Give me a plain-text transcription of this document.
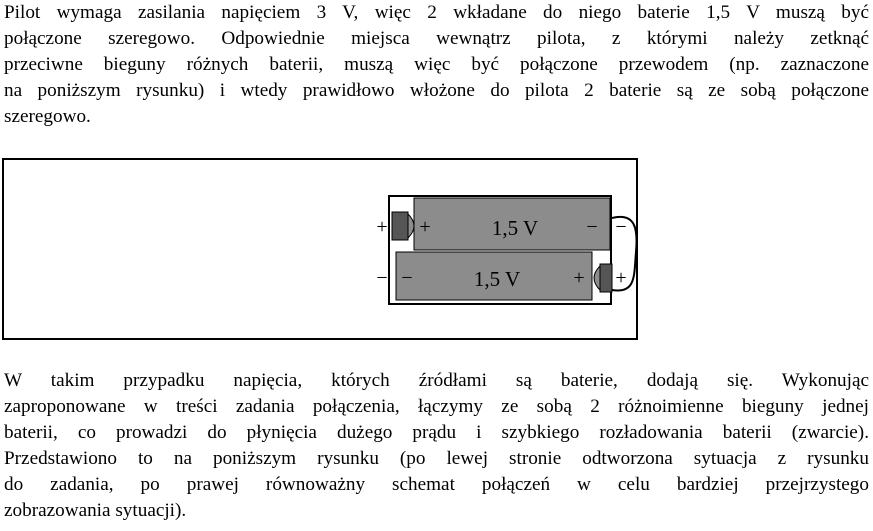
Pilot wymaga zasilania napięciem 3 V, więc 2 wkładane do niego baterie 1,5 V muszą być
połączone szeregowo. Odpowiednie miejsca wewnątrz pilota, z którymi należy zetknąć
przeciwne bieguny różnych baterii, muszą więc być połączone przewodem (np. zaznaczone
na poniższym rysunku) i wtedy prawidłowo włożone do pilota 2 baterie są ze sobą połączone
szeregowo.
+ +	1,5 V − −
− −	1,5 V	+ +
W takim przypadku napięcia, których źródłami są baterie, dodają się. Wykonując
zaproponowane w treści zadania połączenia, łączymy ze sobą 2 różnoimienne bieguny jednej
baterii, co prowadzi do płynięcia dużego prądu i szybkiego rozładowania baterii (zwarcie).
Przedstawiono to na poniższym rysunku (po lewej stronie odtworzona sytuacja z rysunku
do zadania, po prawej równoważny schemat połączeń w celu bardziej przejrzystego
zobrazowania sytuacji).
